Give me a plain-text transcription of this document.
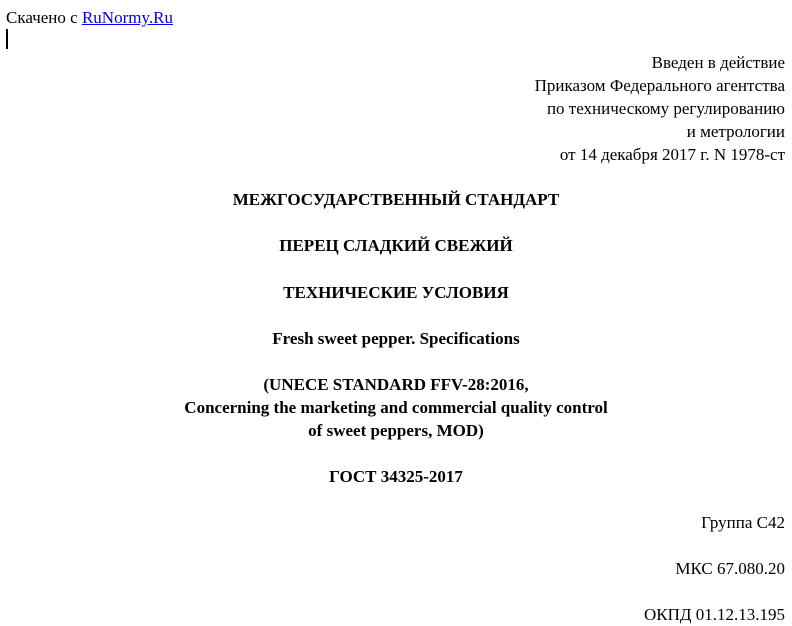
Скачено с RuNormy.Ru
Введен в действие
Приказом Федерального агентства
по техническому регулированию
и метрологии
от 14 декабря 2017 г. N 1978-ст
МЕЖГОСУДАРСТВЕННЫЙ СТАНДАРТ
ПЕРЕЦ СЛАДКИЙ СВЕЖИЙ
ТЕХНИЧЕСКИЕ УСЛОВИЯ
Fresh sweet pepper. Specifications
(UNECE STANDARD FFV-28:2016,
Concerning the marketing and commercial quality control
of sweet peppers, MOD)
ГОСТ 34325-2017
Группа С42
МКС 67.080.20
ОКПД 01.12.13.195
